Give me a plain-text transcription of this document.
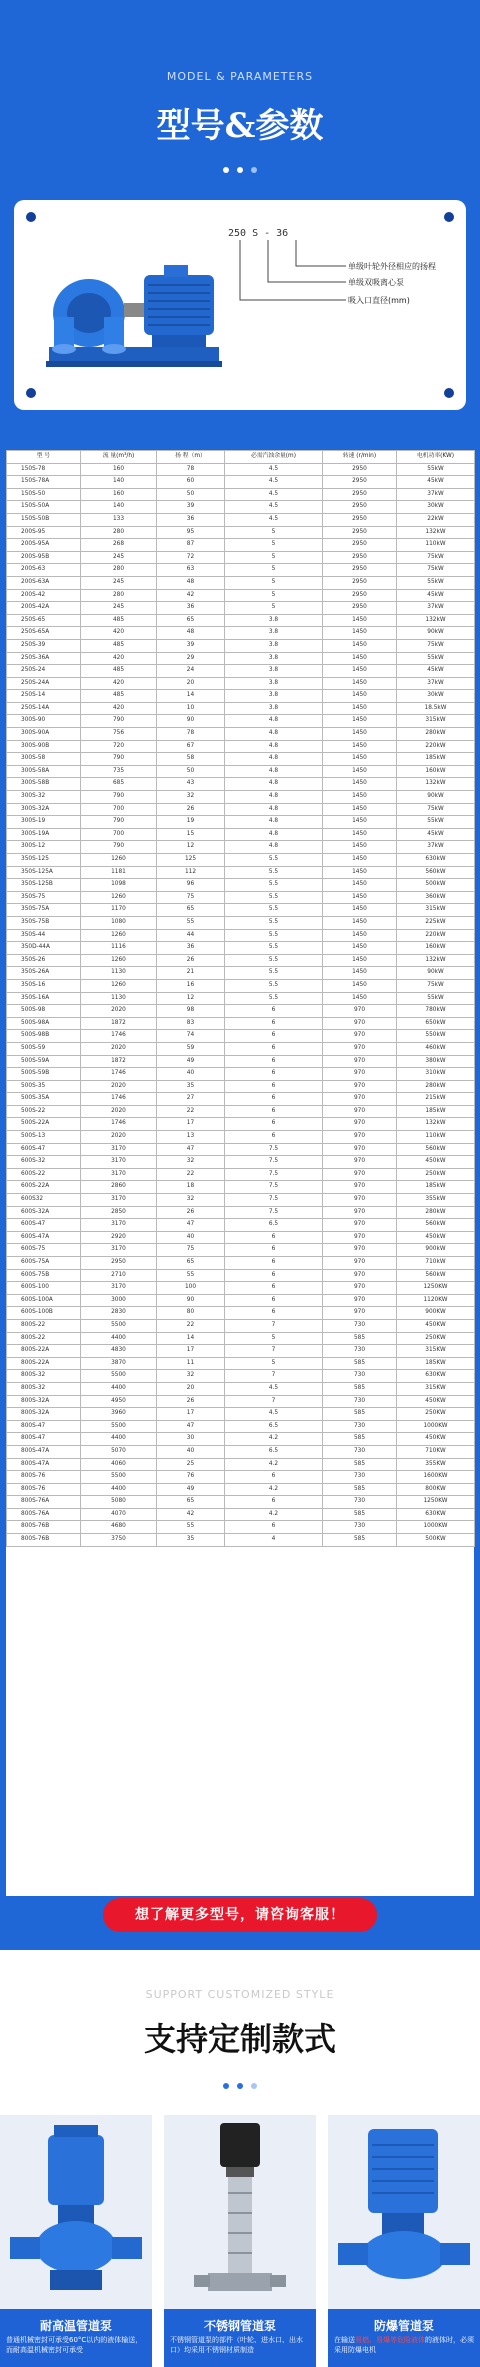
MODEL & PARAMETERS
型号&参数
250 S - 36
单级叶轮外径相应的扬程
单级双吸离心泵
吸入口直径(mm)
型 号	流 量(m³/h)	扬 程（m）	必需汽蚀余量(m)	转速 (r/min)	电机功率(KW)
150S-78	160	78	4.5	2950	55kW
150S-78A	140	60	4.5	2950	45kW
150S-50	160	50	4.5	2950	37kW
150S-50A	140	39	4.5	2950	30kW
150S-50B	133	36	4.5	2950	22kW
200S-95	280	95	5	2950	132kW
200S-95A	268	87	5	2950	110kW
200S-95B	245	72	5	2950	75kW
200S-63	280	63	5	2950	75kW
200S-63A	245	48	5	2950	55kW
200S-42	280	42	5	2950	45kW
200S-42A	245	36	5	2950	37kW
250S-65	485	65	3.8	1450	132kW
250S-65A	420	48	3.8	1450	90kW
250S-39	485	39	3.8	1450	75kW
250S-36A	420	29	3.8	1450	55kW
250S-24	485	24	3.8	1450	45kW
250S-24A	420	20	3.8	1450	37kW
250S-14	485	14	3.8	1450	30kW
250S-14A	420	10	3.8	1450	18.5kW
300S-90	790	90	4.8	1450	315kW
300S-90A	756	78	4.8	1450	280kW
300S-90B	720	67	4.8	1450	220kW
300S-58	790	58	4.8	1450	185kW
300S-58A	735	50	4.8	1450	160kW
300S-58B	685	43	4.8	1450	132kW
300S-32	790	32	4.8	1450	90kW
300S-32A	700	26	4.8	1450	75kW
300S-19	790	19	4.8	1450	55kW
300S-19A	700	15	4.8	1450	45kW
300S-12	790	12	4.8	1450	37kW
350S-125	1260	125	5.5	1450	630kW
350S-125A	1181	112	5.5	1450	560kW
350S-125B	1098	96	5.5	1450	500kW
350S-75	1260	75	5.5	1450	360kW
350S-75A	1170	65	5.5	1450	315kW
350S-75B	1080	55	5.5	1450	225kW
350S-44	1260	44	5.5	1450	220kW
350D-44A	1116	36	5.5	1450	160kW
350S-26	1260	26	5.5	1450	132kW
350S-26A	1130	21	5.5	1450	90kW
350S-16	1260	16	5.5	1450	75kW
350S-16A	1130	12	5.5	1450	55kW
500S-98	2020	98	6	970	780kW
500S-98A	1872	83	6	970	650kW
500S-98B	1746	74	6	970	550kW
500S-59	2020	59	6	970	460kW
500S-59A	1872	49	6	970	380kW
500S-59B	1746	40	6	970	310kW
500S-35	2020	35	6	970	280kW
500S-35A	1746	27	6	970	215kW
500S-22	2020	22	6	970	185kW
500S-22A	1746	17	6	970	132kW
500S-13	2020	13	6	970	110kW
600S-47	3170	47	7.5	970	560kW
600S-32	3170	32	7.5	970	450kW
600S-22	3170	22	7.5	970	250kW
600S-22A	2860	18	7.5	970	185kW
600S32	3170	32	7.5	970	355kW
600S-32A	2850	26	7.5	970	280kW
600S-47	3170	47	6.5	970	560kW
600S-47A	2920	40	6	970	450kW
600S-75	3170	75	6	970	900kW
600S-75A	2950	65	6	970	710kW
600S-75B	2710	55	6	970	560kW
600S-100	3170	100	6	970	1250KW
600S-100A	3000	90	6	970	1120KW
600S-100B	2830	80	6	970	900KW
800S-22	5500	22	7	730	450KW
800S-22	4400	14	5	585	250KW
800S-22A	4830	17	7	730	315KW
800S-22A	3870	11	5	585	185KW
800S-32	5500	32	7	730	630KW
800S-32	4400	20	4.5	585	315KW
800S-32A	4950	26	7	730	450KW
800S-32A	3960	17	4.5	585	250KW
800S-47	5500	47	6.5	730	1000KW
800S-47	4400	30	4.2	585	450KW
800S-47A	5070	40	6.5	730	710KW
800S-47A	4060	25	4.2	585	355KW
800S-76	5500	76	6	730	1600KW
800S-76	4400	49	4.2	585	800KW
800S-76A	5080	65	6	730	1250KW
800S-76A	4070	42	4.2	585	630KW
800S-76B	4680	55	6	730	1000KW
800S-76B	3750	35	4	585	500KW
想了解更多型号，请咨询客服！
SUPPORT CUSTOMIZED STYLE
支持定制款式
耐高温管道泵
普通机械密封可承受60°C以内的液体输送，而耐高温机械密封可承受
不锈钢管道泵
不锈钢管道泵的部件（叶轮、进水口、出水口）均采用不锈钢材质制造
防爆管道泵
在输送易燃、易爆等危险液体的液体时，必须采用防爆电机
